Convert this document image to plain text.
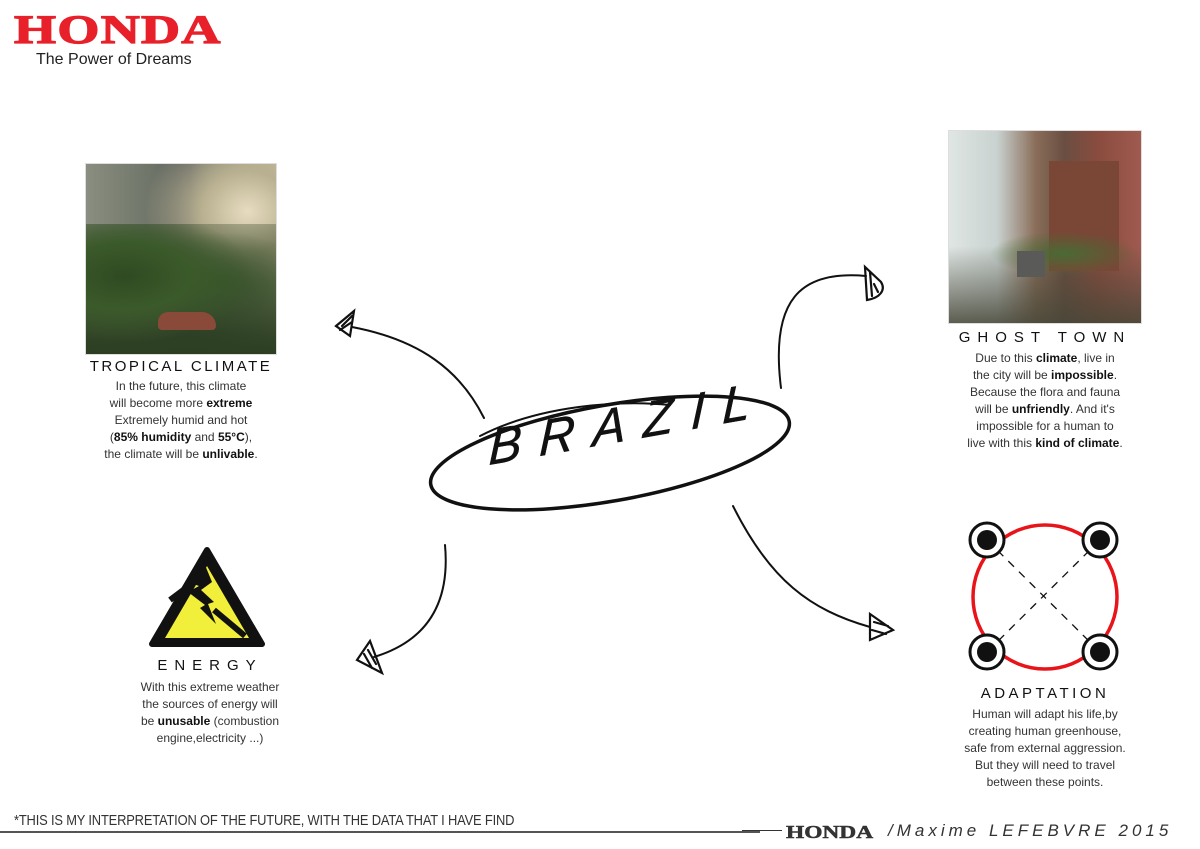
HONDA
The Power of Dreams
BRAZIL
TROPICAL CLIMATE
In the future, this climate
will become more extreme
Extremely humid and hot
(85% humidity and 55°C),
the climate will be unlivable.
GHOST TOWN
Due to this climate, live in
the city will be impossible.
Because the flora and fauna
will be unfriendly. And it's
impossible for a human to
live with this kind of climate.
ENERGY
With this extreme weather
the sources of energy will
be unusable (combustion
engine,electricity ...)
ADAPTATION
Human will adapt his life,by
creating human greenhouse,
safe from external aggression.
But they will need to travel
between these points.
*THIS IS MY INTERPRETATION OF THE FUTURE, WITH THE DATA THAT I HAVE FIND
HONDA /Maxime LEFEBVRE 2015
